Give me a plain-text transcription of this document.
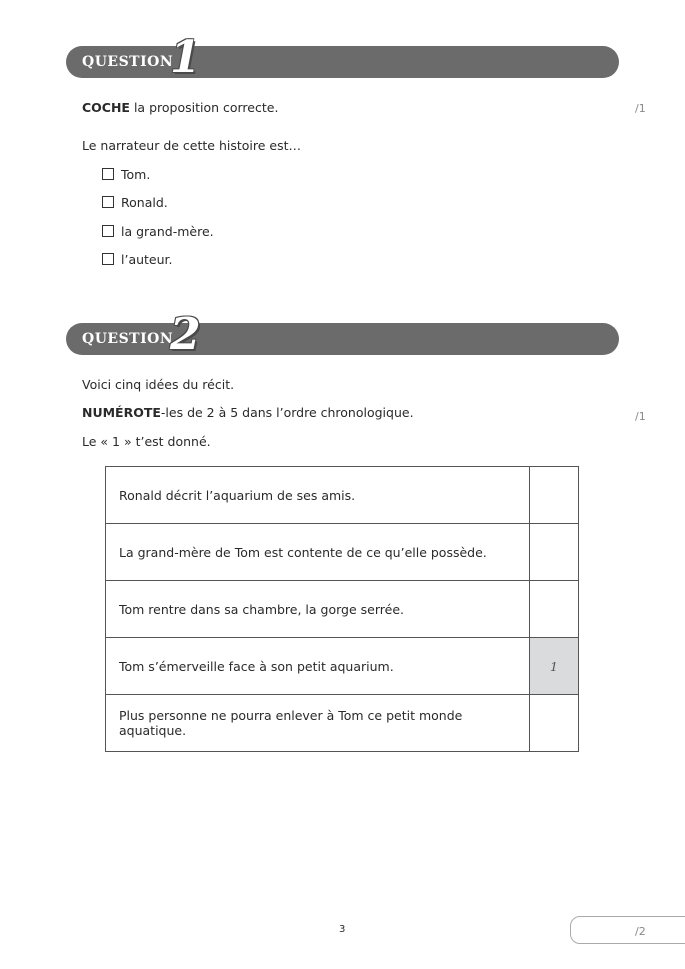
QUESTION
1
COCHE la proposition correcte.	/1
Le narrateur de cette histoire est…
Tom.
Ronald.
la grand-mère.
l’auteur.
QUESTION
2
Voici cinq idées du récit.
NUMÉROTE-les de 2 à 5 dans l’ordre chronologique.	/1
Le « 1 » t’est donné.
Ronald décrit l’aquarium de ses amis.	
La grand-mère de Tom est contente de ce qu’elle possède.	
Tom rentre dans sa chambre, la gorge serrée.	
Tom s’émerveille face à son petit aquarium.	1
Plus personne ne pourra enlever à Tom ce petit monde aquatique.	
3	/2
